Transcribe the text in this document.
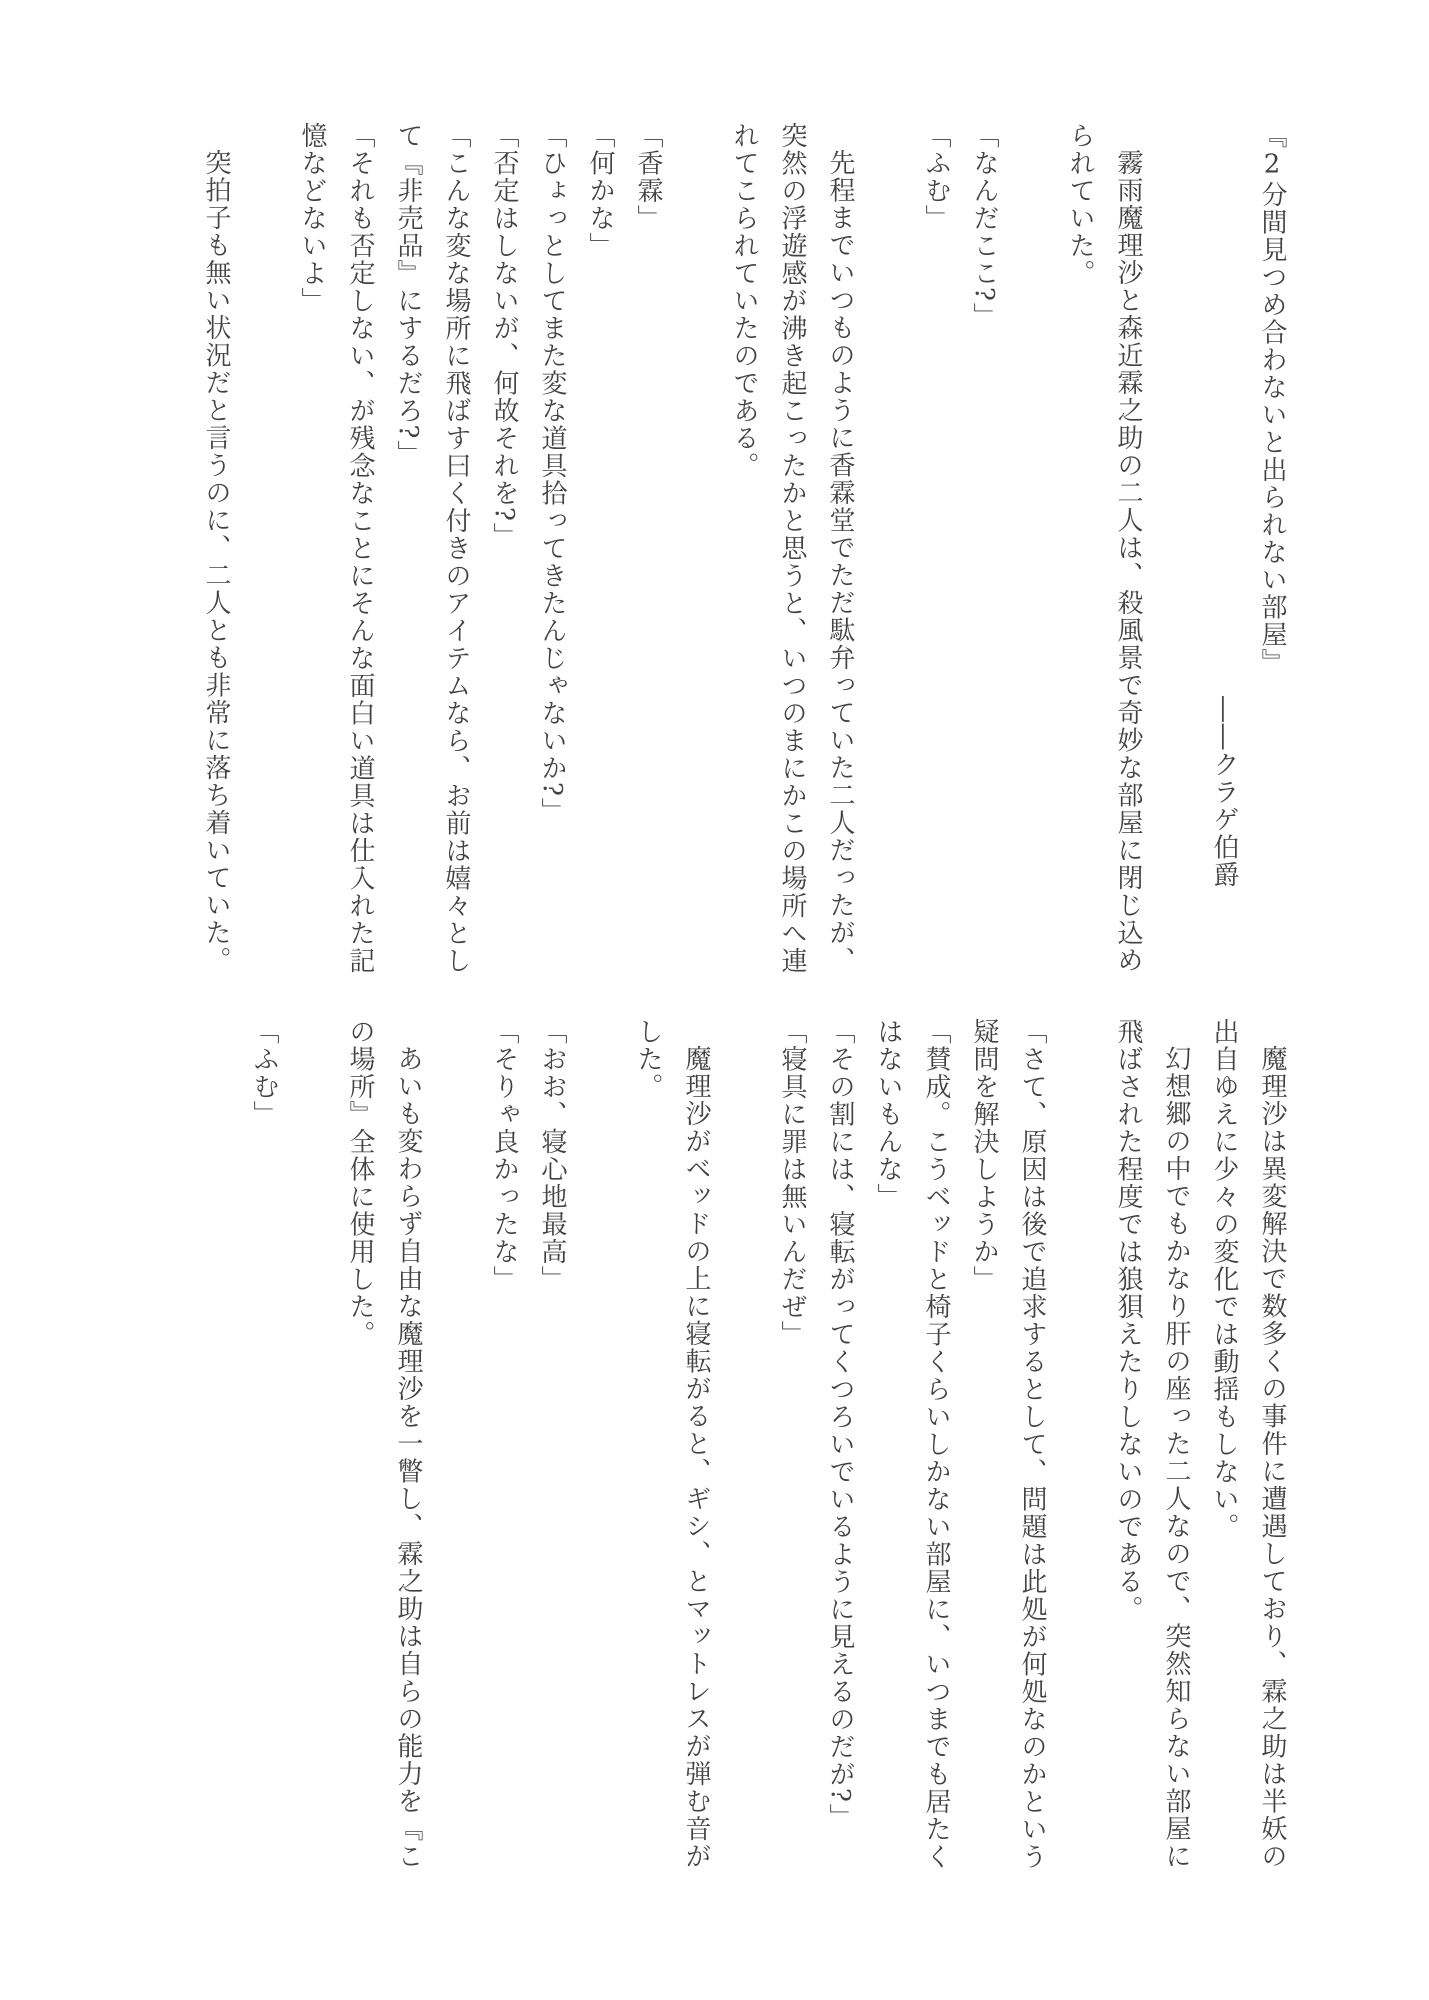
『2分間見つめ合わないと出られない部屋』

――クラゲ伯爵

霧雨魔理沙と森近霖之助の二人は、殺風景で奇妙な部屋に閉じ込め

られていた。

「なんだここ?」

「ふむ」

先程までいつものように香霖堂でただ駄弁っていた二人だったが、

突然の浮遊感が沸き起こったかと思うと、いつのまにかこの場所へ連

れてこられていたのである。

「香霖」

「何かな」

「ひょっとしてまた変な道具拾ってきたんじゃないか?」

「否定はしないが、何故それを?」

「こんな変な場所に飛ばす曰く付きのアイテムなら、お前は嬉々とし

て『非売品』にするだろ?」

「それも否定しない、が残念なことにそんな面白い道具は仕入れた記

憶などないよ」

突拍子も無い状況だと言うのに、二人とも非常に落ち着いていた。

魔理沙は異変解決で数多くの事件に遭遇しており、霖之助は半妖の

出自ゆえに少々の変化では動揺もしない。

幻想郷の中でもかなり肝の座った二人なので、突然知らない部屋に

飛ばされた程度では狼狽えたりしないのである。

「さて、原因は後で追求するとして、問題は此処が何処なのかという

疑問を解決しようか」

「賛成。こうベッドと椅子くらいしかない部屋に、いつまでも居たく

はないもんな」

「その割には、寝転がってくつろいでいるように見えるのだが?」

「寝具に罪は無いんだぜ」

魔理沙がベッドの上に寝転がると、ギシ、とマットレスが弾む音が

した。

「おお、寝心地最高」

「そりゃ良かったな」

あいも変わらず自由な魔理沙を一瞥し、霖之助は自らの能力を『こ

の場所』全体に使用した。

「ふむ」
